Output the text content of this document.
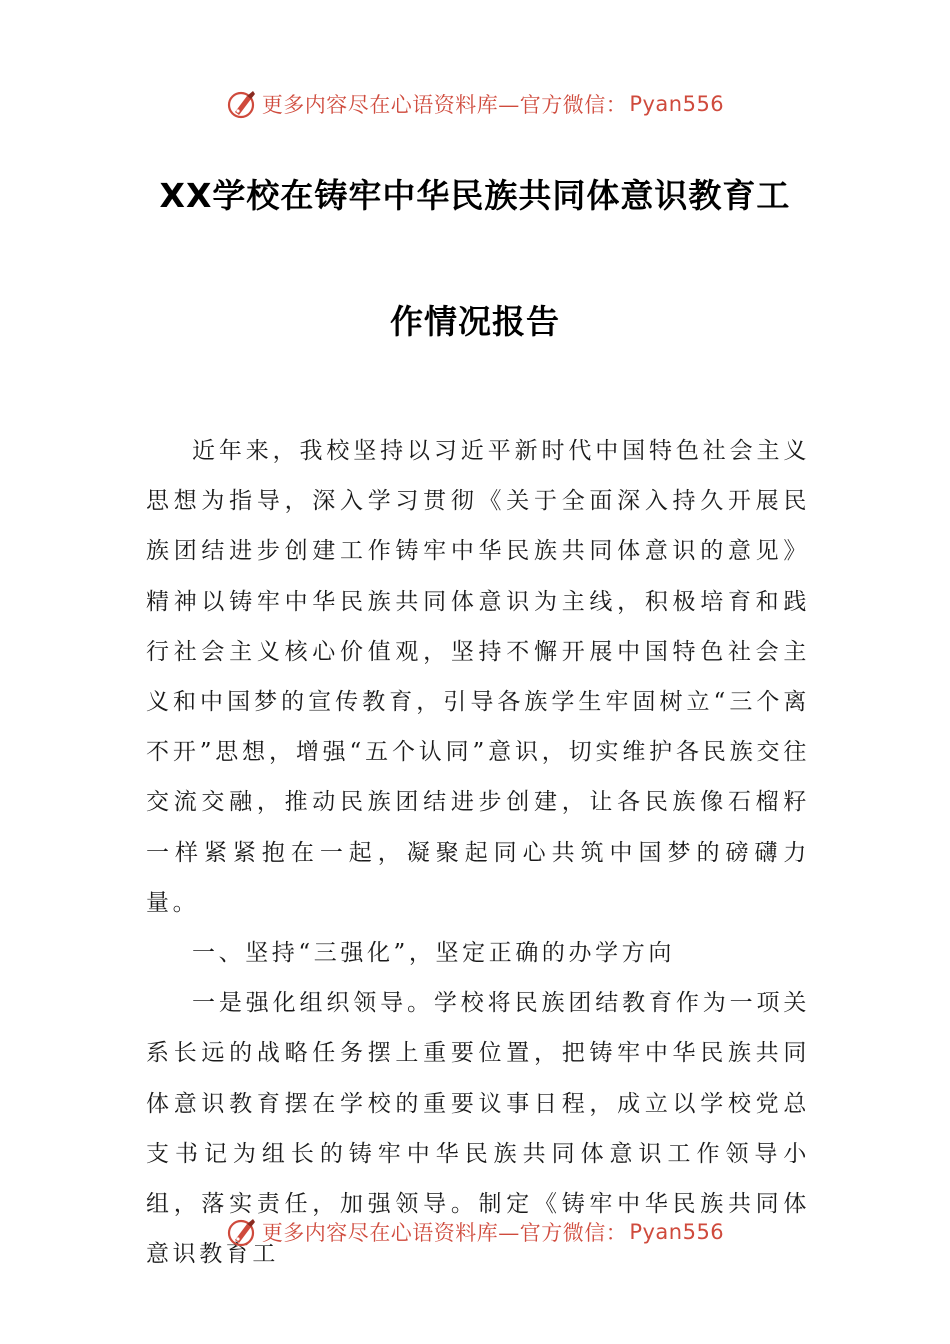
更多内容尽在心语资料库—官方微信： Pyan556
XX学校在铸牢中华民族共同体意识教育工
作情况报告

近年来，我校坚持以习近平新时代中国特色社会主义思想为指导，深入学习贯彻《关于全面深入持久开展民族团结进步创建工作铸牢中华民族共同体意识的意见》精神以铸牢中华民族共同体意识为主线，积极培育和践行社会主义核心价值观，坚持不懈开展中国特色社会主义和中国梦的宣传教育，引导各族学生牢固树立“三个离不开”思想，增强“五个认同”意识，切实维护各民族交往交流交融，推动民族团结进步创建，让各民族像石榴籽一样紧紧抱在一起，凝聚起同心共筑中国梦的磅礴力量。

一、坚持“三强化”，坚定正确的办学方向

一是强化组织领导。学校将民族团结教育作为一项关系长远的战略任务摆上重要位置，把铸牢中华民族共同体意识教育摆在学校的重要议事日程，成立以学校党总支书记为组长的铸牢中华民族共同体意识工作领导小组，落实责任，加强领导。制定《铸牢中华民族共同体意识教育工

更多内容尽在心语资料库—官方微信： Pyan556
